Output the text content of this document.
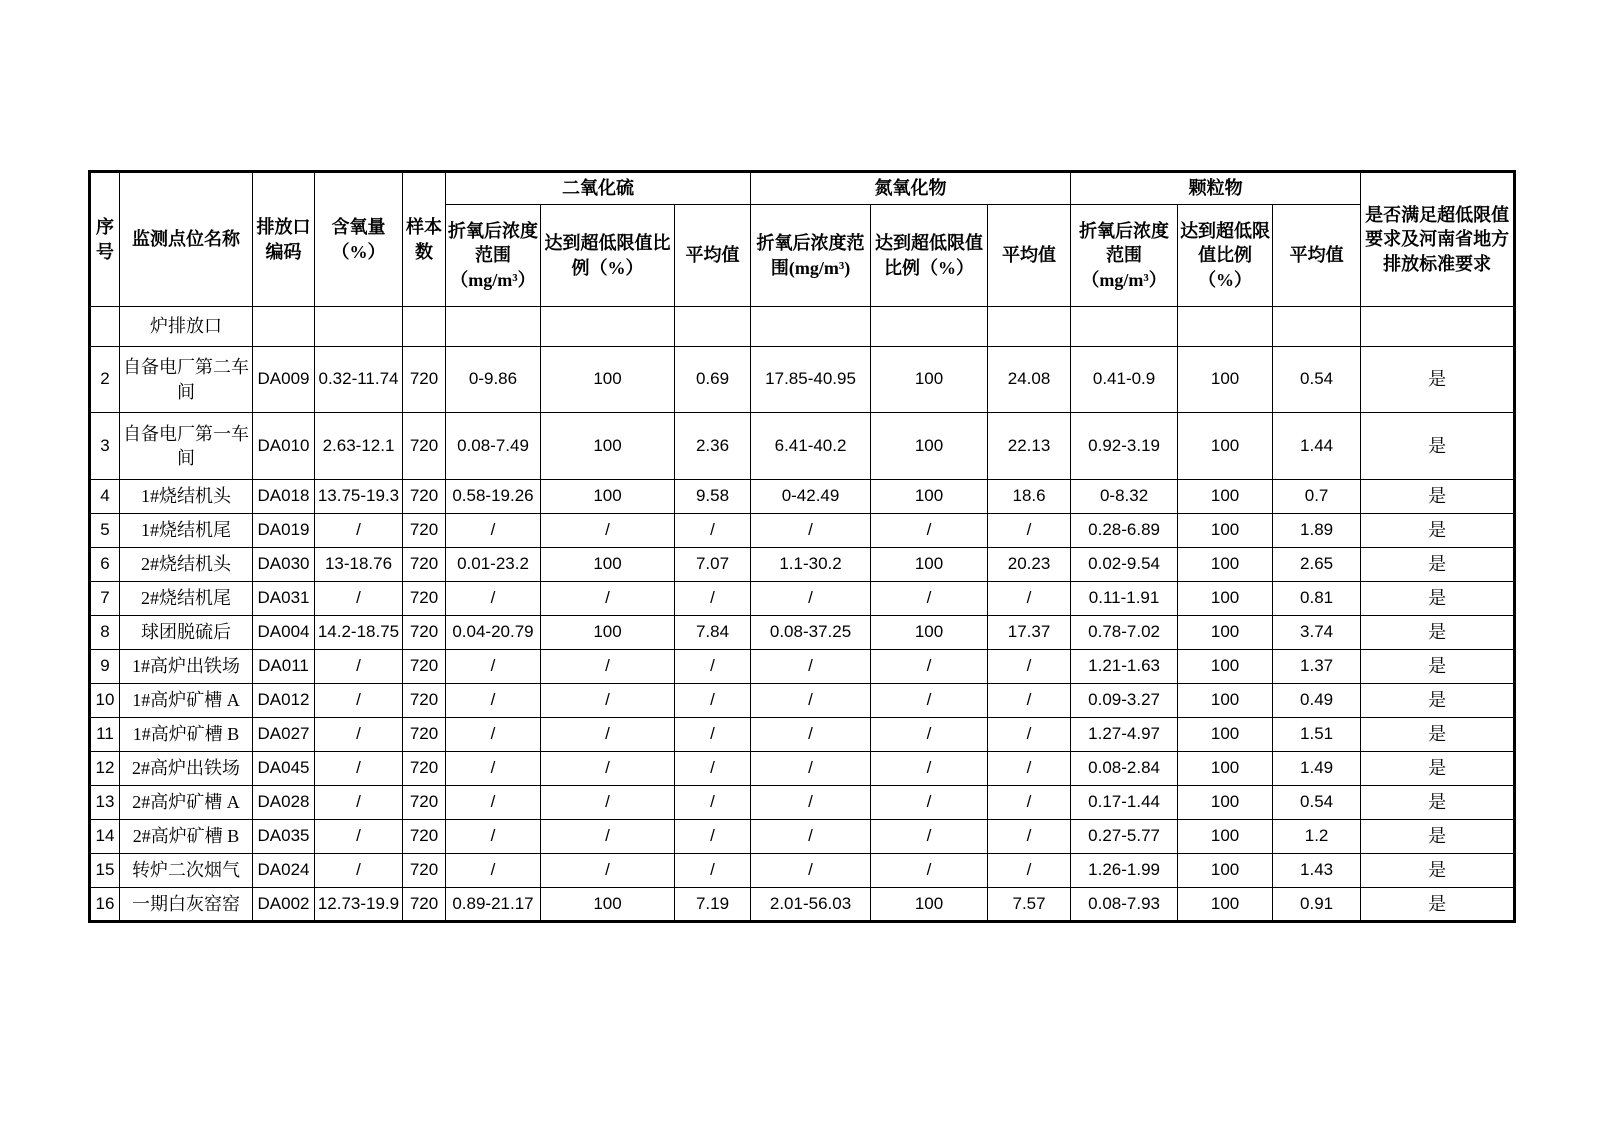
序号	监测点位名称	排放口编码	含氧量（%）	样本数	二氧化硫			氮氧化物			颗粒物			是否满足超低限值要求及河南省地方排放标准要求
					折氧后浓度范围（mg/m³）	达到超低限值比例（%）	平均值	折氧后浓度范围(mg/m³)	达到超低限值比例（%）	平均值	折氧后浓度范围（mg/m³）	达到超低限值比例（%）	平均值	
	炉排放口													
2	自备电厂第二车间	DA009	0.32-11.74	720	0-9.86	100	0.69	17.85-40.95	100	24.08	0.41-0.9	100	0.54	是
3	自备电厂第一车间	DA010	2.63-12.1	720	0.08-7.49	100	2.36	6.41-40.2	100	22.13	0.92-3.19	100	1.44	是
4	1#烧结机头	DA018	13.75-19.3	720	0.58-19.26	100	9.58	0-42.49	100	18.6	0-8.32	100	0.7	是
5	1#烧结机尾	DA019	/	720	/	/	/	/	/	/	0.28-6.89	100	1.89	是
6	2#烧结机头	DA030	13-18.76	720	0.01-23.2	100	7.07	1.1-30.2	100	20.23	0.02-9.54	100	2.65	是
7	2#烧结机尾	DA031	/	720	/	/	/	/	/	/	0.11-1.91	100	0.81	是
8	球团脱硫后	DA004	14.2-18.75	720	0.04-20.79	100	7.84	0.08-37.25	100	17.37	0.78-7.02	100	3.74	是
9	1#高炉出铁场	DA011	/	720	/	/	/	/	/	/	1.21-1.63	100	1.37	是
10	1#高炉矿槽 A	DA012	/	720	/	/	/	/	/	/	0.09-3.27	100	0.49	是
11	1#高炉矿槽 B	DA027	/	720	/	/	/	/	/	/	1.27-4.97	100	1.51	是
12	2#高炉出铁场	DA045	/	720	/	/	/	/	/	/	0.08-2.84	100	1.49	是
13	2#高炉矿槽 A	DA028	/	720	/	/	/	/	/	/	0.17-1.44	100	0.54	是
14	2#高炉矿槽 B	DA035	/	720	/	/	/	/	/	/	0.27-5.77	100	1.2	是
15	转炉二次烟气	DA024	/	720	/	/	/	/	/	/	1.26-1.99	100	1.43	是
16	一期白灰窑窑	DA002	12.73-19.9	720	0.89-21.17	100	7.19	2.01-56.03	100	7.57	0.08-7.93	100	0.91	是
